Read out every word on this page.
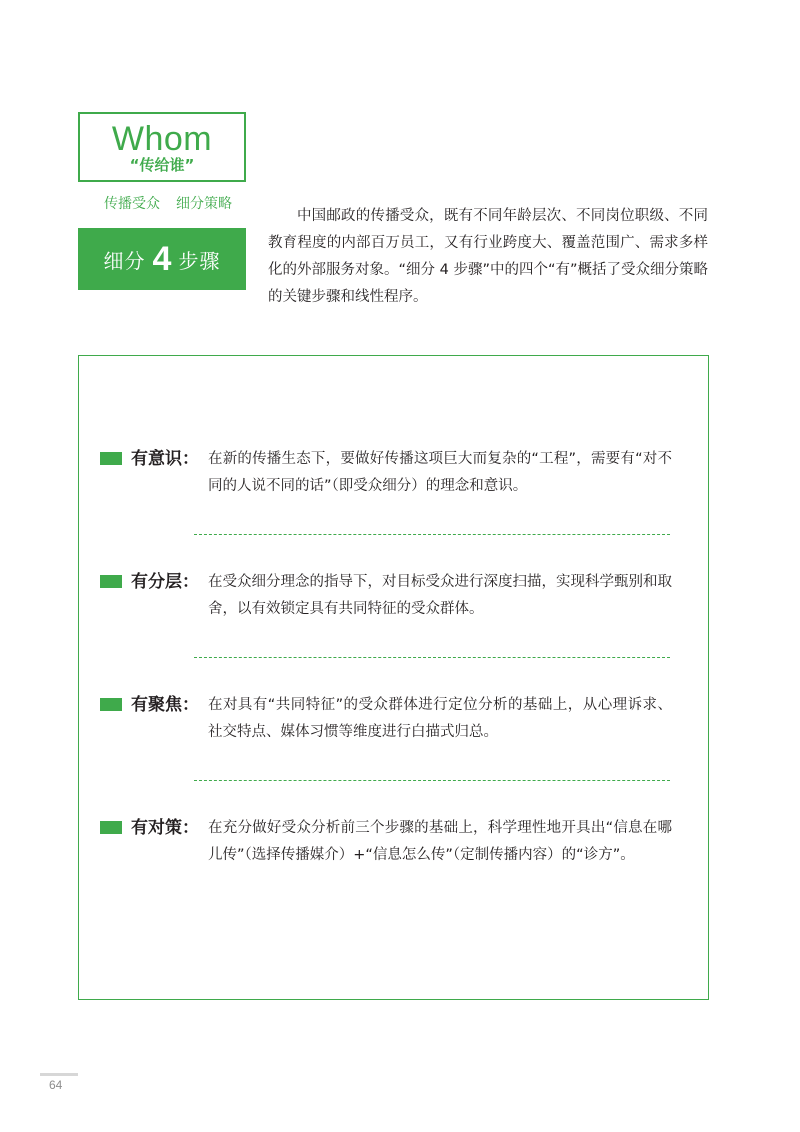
Whom
“传给谁”
传播受众 细分策略
细分 4 步骤
中国邮政的传播受众，既有不同年龄层次、不同岗位职级、不同教育程度的内部百万员工，又有行业跨度大、覆盖范围广、需求多样化的外部服务对象。“细分 4 步骤”中的四个“有”概括了受众细分策略的关键步骤和线性程序。
有意识 ： 在新的传播生态下，要做好传播这项巨大而复杂的“工程”，需要有“对不同的人说不同的话”（即受众细分）的理念和意识。
有分层 ： 在受众细分理念的指导下，对目标受众进行深度扫描，实现科学甄别和取舍，以有效锁定具有共同特征的受众群体。
有聚焦 ： 在对具有“共同特征”的受众群体进行定位分析的基础上，从心理诉求、社交特点、媒体习惯等维度进行白描式归总。
有对策 ： 在充分做好受众分析前三个步骤的基础上，科学理性地开具出“信息在哪儿传”（选择传播媒介）+“信息怎么传”（定制传播内容）的“诊方”。
64
